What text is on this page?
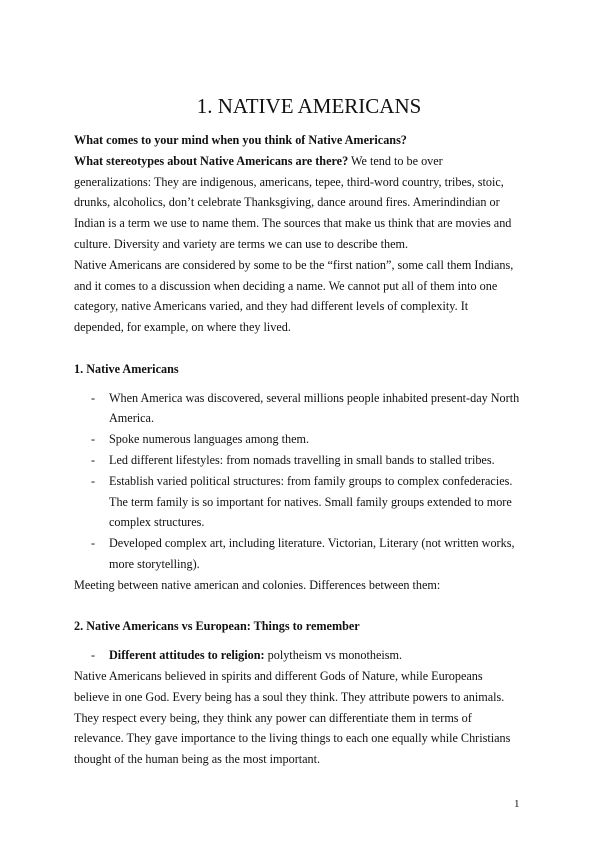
1. NATIVE AMERICANS

What comes to your mind when you think of Native Americans?

What stereotypes about Native Americans are there? We tend to be over generalizations: They are indigenous, americans, tepee, third-word country, tribes, stoic, drunks, alcoholics, don’t celebrate Thanksgiving, dance around fires. Amerindindian or Indian is a term we use to name them. The sources that make us think that are movies and culture. Diversity and variety are terms we can use to describe them.

Native Americans are considered by some to be the “first nation”, some call them Indians, and it comes to a discussion when deciding a name. We cannot put all of them into one category, native Americans varied, and they had different levels of complexity. It depended, for example, on where they lived.

1. Native Americans
- When America was discovered, several millions people inhabited present-day North America.
- Spoke numerous languages among them.
- Led different lifestyles: from nomads travelling in small bands to stalled tribes.
- Establish varied political structures: from family groups to complex confederacies. The term family is so important for natives. Small family groups extended to more complex structures.
- Developed complex art, including literature. Victorian, Literary (not written works, more storytelling).

Meeting between native american and colonies. Differences between them:

2. Native Americans vs European: Things to remember
- Different attitudes to religion: polytheism vs monotheism.

Native Americans believed in spirits and different Gods of Nature, while Europeans believe in one God. Every being has a soul they think. They attribute powers to animals. They respect every being, they think any power can differentiate them in terms of relevance. They gave importance to the living things to each one equally while Christians thought of the human being as the most important.

1
